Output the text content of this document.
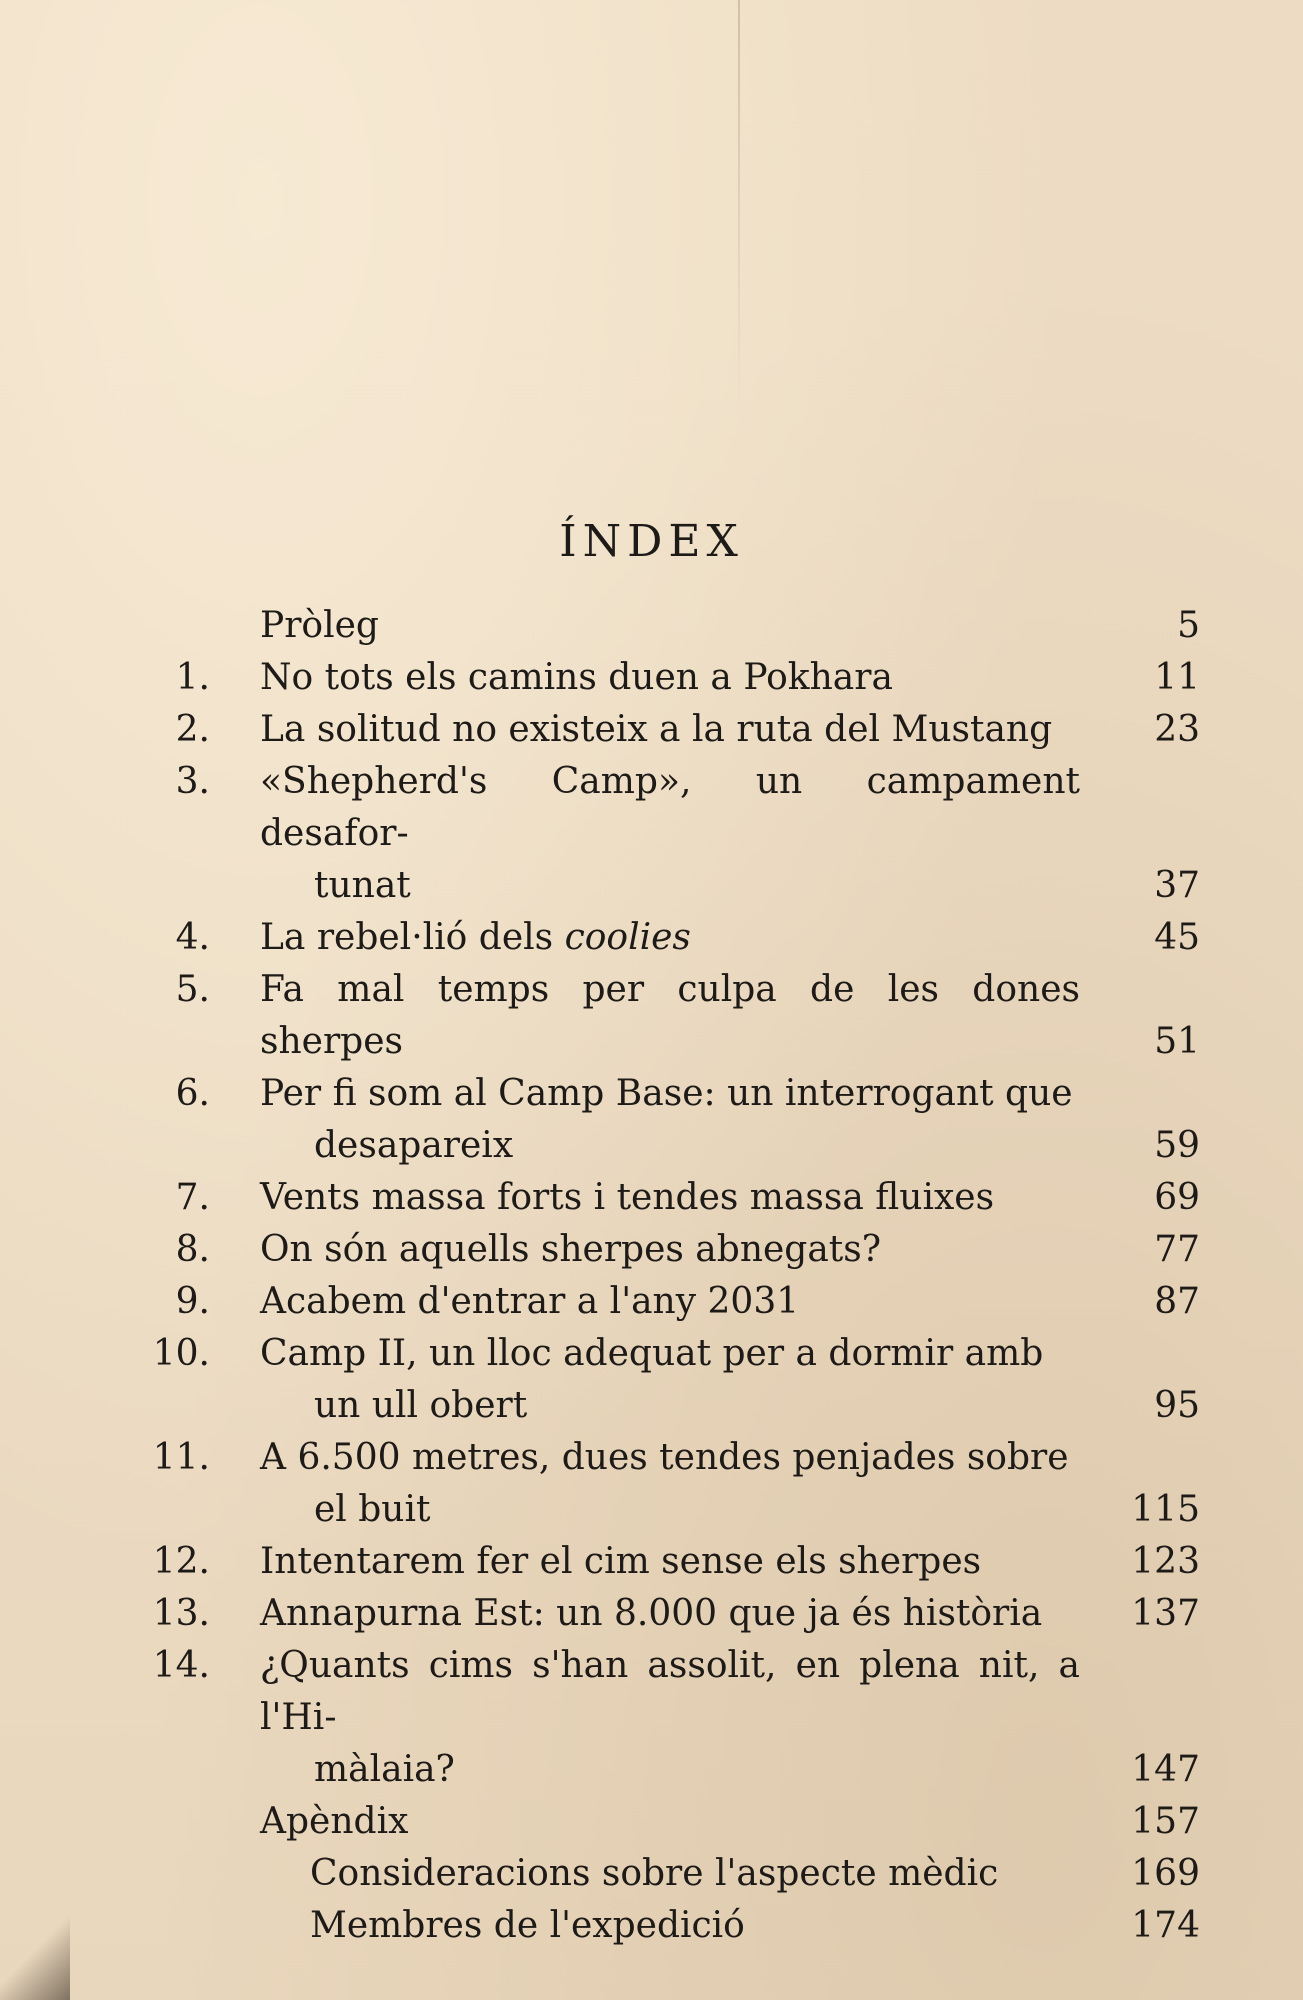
ÍNDEX
Pròleg	5
1. No tots els camins duen a Pokhara	11
2. La solitud no existeix a la ruta del Mustang	23
3. «Shepherd's Camp», un campament desafor-
tunat	37
4. La rebel·lió dels coolies	45
5. Fa mal temps per culpa de les dones sherpes	51
6. Per fi som al Camp Base: un interrogant que
desapareix	59
7. Vents massa forts i tendes massa fluixes	69
8. On són aquells sherpes abnegats?	77
9. Acabem d'entrar a l'any 2031	87
10. Camp II, un lloc adequat per a dormir amb
un ull obert	95
11. A 6.500 metres, dues tendes penjades sobre
el buit	115
12. Intentarem fer el cim sense els sherpes	123
13. Annapurna Est: un 8.000 que ja és història	137
14. ¿Quants cims s'han assolit, en plena nit, a l'Hi-
màlaia?	147
Apèndix	157
Consideracions sobre l'aspecte mèdic	169
Membres de l'expedició	174
